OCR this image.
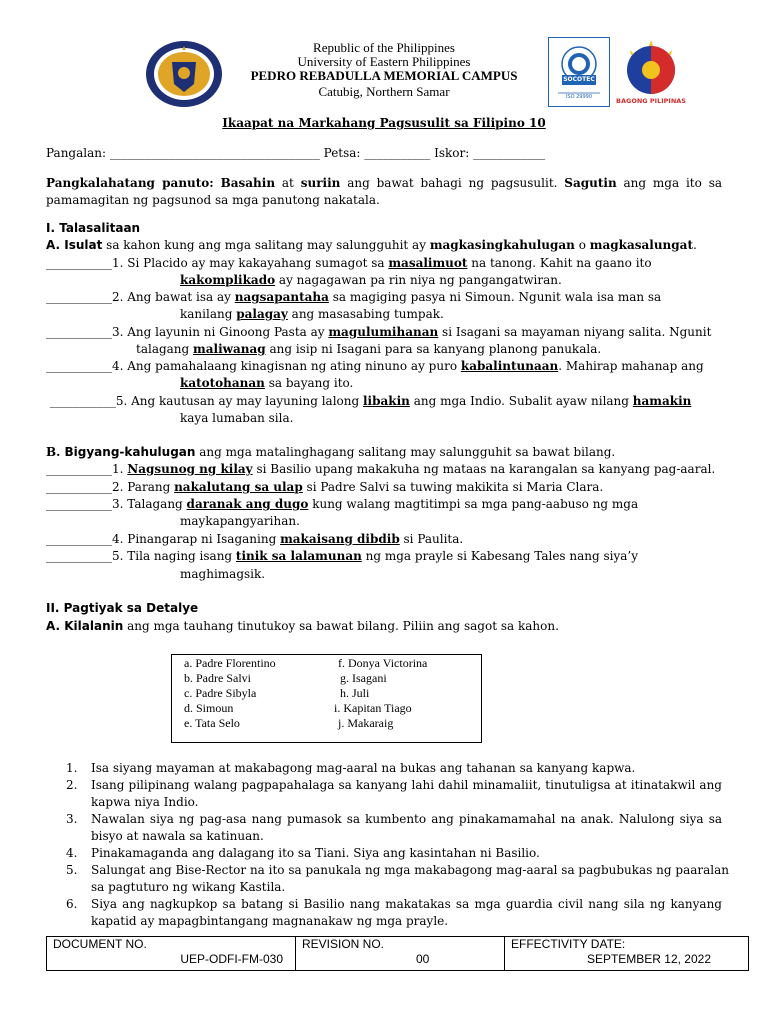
SOCOTEC
ISO 29990	BAGONG PILIPINAS
Republic of the Philippines
University of Eastern Philippines
PEDRO REBADULLA MEMORIAL CAMPUS
Catubig, Northern Samar
Ikaapat na Markahang Pagsusulit sa Filipino 10
Pangalan: ___________________________________ Petsa: ___________ Iskor: ____________
Pangkalahatang panuto: Basahin at suriin ang bawat bahagi ng pagsusulit. Sagutin ang mga ito sa
pamamagitan ng pagsunod sa mga panutong nakatala.
I. Talasalitaan
A. Isulat sa kahon kung ang mga salitang may salungguhit ay magkasingkahulugan o magkasalungat.
___________1. Si Placido ay may kakayahang sumagot sa masalimuot na tanong. Kahit na gaano ito
kakomplikado ay nagagawan pa rin niya ng pangangatwiran.
___________2. Ang bawat isa ay nagsapantaha sa magiging pasya ni Simoun. Ngunit wala isa man sa
kanilang palagay ang masasabing tumpak.
___________3. Ang layunin ni Ginoong Pasta ay magulumihanan si Isagani sa mayaman niyang salita. Ngunit
talagang maliwanag ang isip ni Isagani para sa kanyang planong panukala.
___________4. Ang pamahalaang kinagisnan ng ating ninuno ay puro kabalintunaan. Mahirap mahanap ang
katotohanan sa bayang ito.
___________5. Ang kautusan ay may layuning lalong libakin ang mga Indio. Subalit ayaw nilang hamakin
kaya lumaban sila.
B. Bigyang-kahulugan ang mga matalinghagang salitang may salungguhit sa bawat bilang.
___________1. Nagsunog ng kilay si Basilio upang makakuha ng mataas na karangalan sa kanyang pag-aaral.
___________2. Parang nakalutang sa ulap si Padre Salvi sa tuwing makikita si Maria Clara.
___________3. Talagang daranak ang dugo kung walang magtitimpi sa mga pang-aabuso ng mga
maykapangyarihan.
___________4. Pinangarap ni Isaganing makaisang dibdib si Paulita.
___________5. Tila naging isang tinik sa lalamunan ng mga prayle si Kabesang Tales nang siya’y
maghimagsik.
II. Pagtiyak sa Detalye
A. Kilalanin ang mga tauhang tinutukoy sa bawat bilang. Piliin ang sagot sa kahon.
a. Padre Florentino
b. Padre Salvi
c. Padre Sibyla
d. Simoun
e. Tata Selo
f. Donya Victorina
g. Isagani
h. Juli
i. Kapitan Tiago
j. Makaraig
1. Isa siyang mayaman at makabagong mag-aaral na bukas ang tahanan sa kanyang kapwa.
2. Isang pilipinang walang pagpapahalaga sa kanyang lahi dahil minamaliit, tinutuligsa at itinatakwil ang
kapwa niya Indio.
3. Nawalan siya ng pag-asa nang pumasok sa kumbento ang pinakamamahal na anak. Nalulong siya sa
bisyo at nawala sa katinuan.
4. Pinakamaganda ang dalagang ito sa Tiani. Siya ang kasintahan ni Basilio.
5. Salungat ang Bise-Rector na ito sa panukala ng mga makabagong mag-aaral sa pagbubukas ng paaralan
sa pagtuturo ng wikang Kastila.
6. Siya ang nagkupkop sa batang si Basilio nang makatakas sa mga guardia civil nang sila ng kanyang
kapatid ay mapagbintangang magnanakaw ng mga prayle.
DOCUMENT NO.
UEP-ODFI-FM-030
REVISION NO.
00
EFFECTIVITY DATE:
SEPTEMBER 12, 2022
